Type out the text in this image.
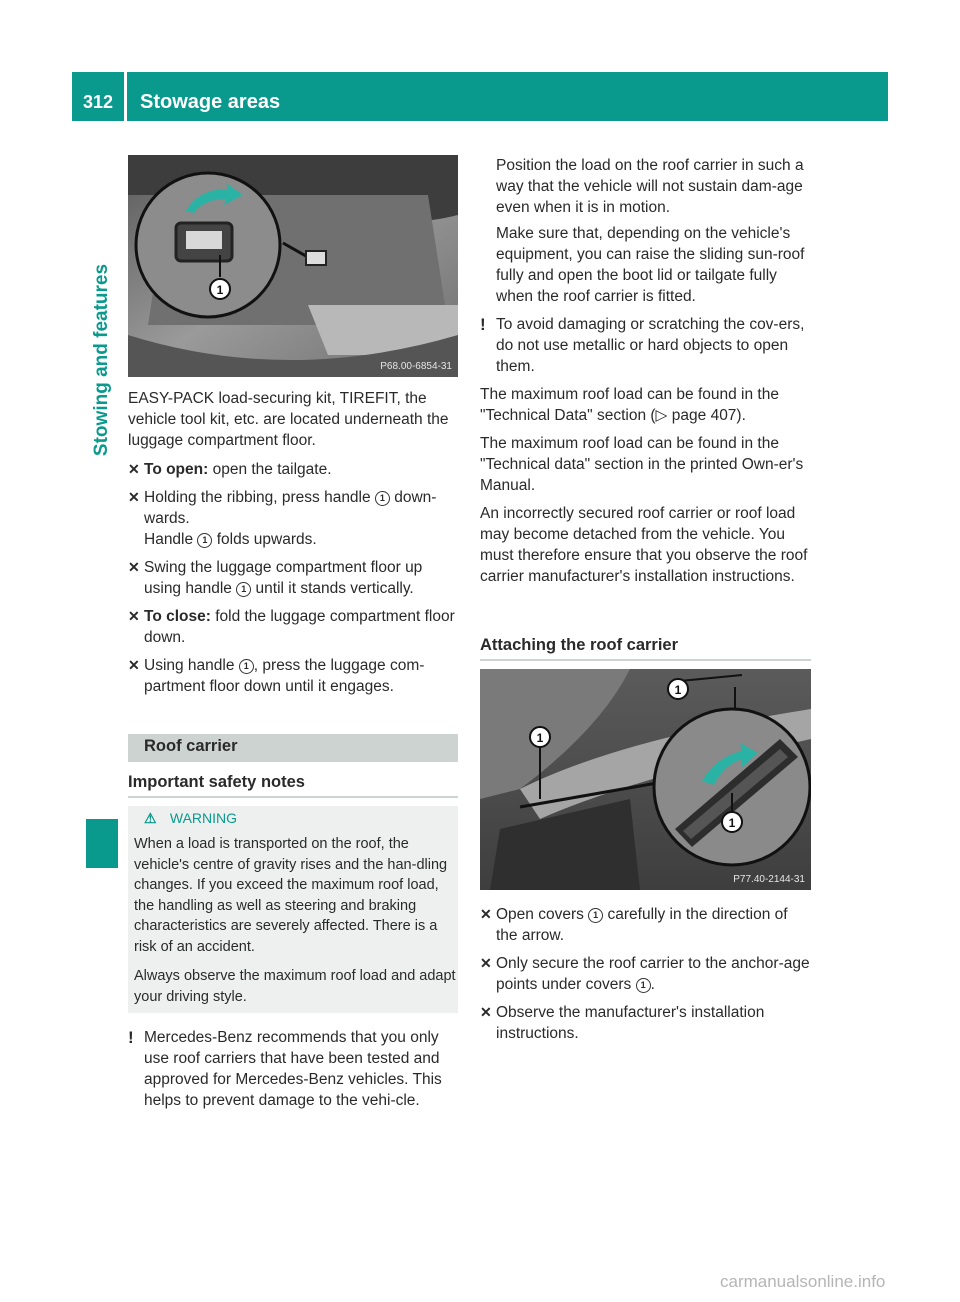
312	Stowage areas
Stowing and features	1
P68.00-6854-31

EASY-PACK load-securing kit, TIREFIT, the vehicle tool kit, etc. are located underneath the luggage compartment floor.

✕ To open: open the tailgate.
✕ Holding the ribbing, press handle 1 down-wards.

Handle 1 folds upwards.

✕ Swing the luggage compartment floor up using handle 1 until it stands vertically.
✕ To close: fold the luggage compartment floor down.
✕ Using handle 1 , press the luggage com-partment floor down until it engages.
Roof carrier
Important safety notes
⚠ WARNING

When a load is transported on the roof, the vehicle's centre of gravity rises and the han-dling changes. If you exceed the maximum roof load, the handling as well as steering and braking characteristics are severely affected. There is a risk of an accident.

Always observe the maximum roof load and adapt your driving style.

! Mercedes-Benz recommends that you only use roof carriers that have been tested and approved for Mercedes-Benz vehicles. This helps to prevent damage to the vehi-cle.

Position the load on the roof carrier in such a way that the vehicle will not sustain dam-age even when it is in motion.

Make sure that, depending on the vehicle's equipment, you can raise the sliding sun-roof fully and open the boot lid or tailgate fully when the roof carrier is fitted.

! To avoid damaging or scratching the cov-ers, do not use metallic or hard objects to open them.

The maximum roof load can be found in the "Technical Data" section (▷ page 407).

The maximum roof load can be found in the "Technical data" section in the printed Own-er's Manual.

An incorrectly secured roof carrier or roof load may become detached from the vehicle. You must therefore ensure that you observe the roof carrier manufacturer's installation instructions.

Attaching the roof carrier
1
1
1
P77.40-2144-31
✕ Open covers 1 carefully in the direction of the arrow.
✕ Only secure the roof carrier to the anchor-age points under covers 1 .
✕ Observe the manufacturer's installation instructions.
carmanualsonline.info
